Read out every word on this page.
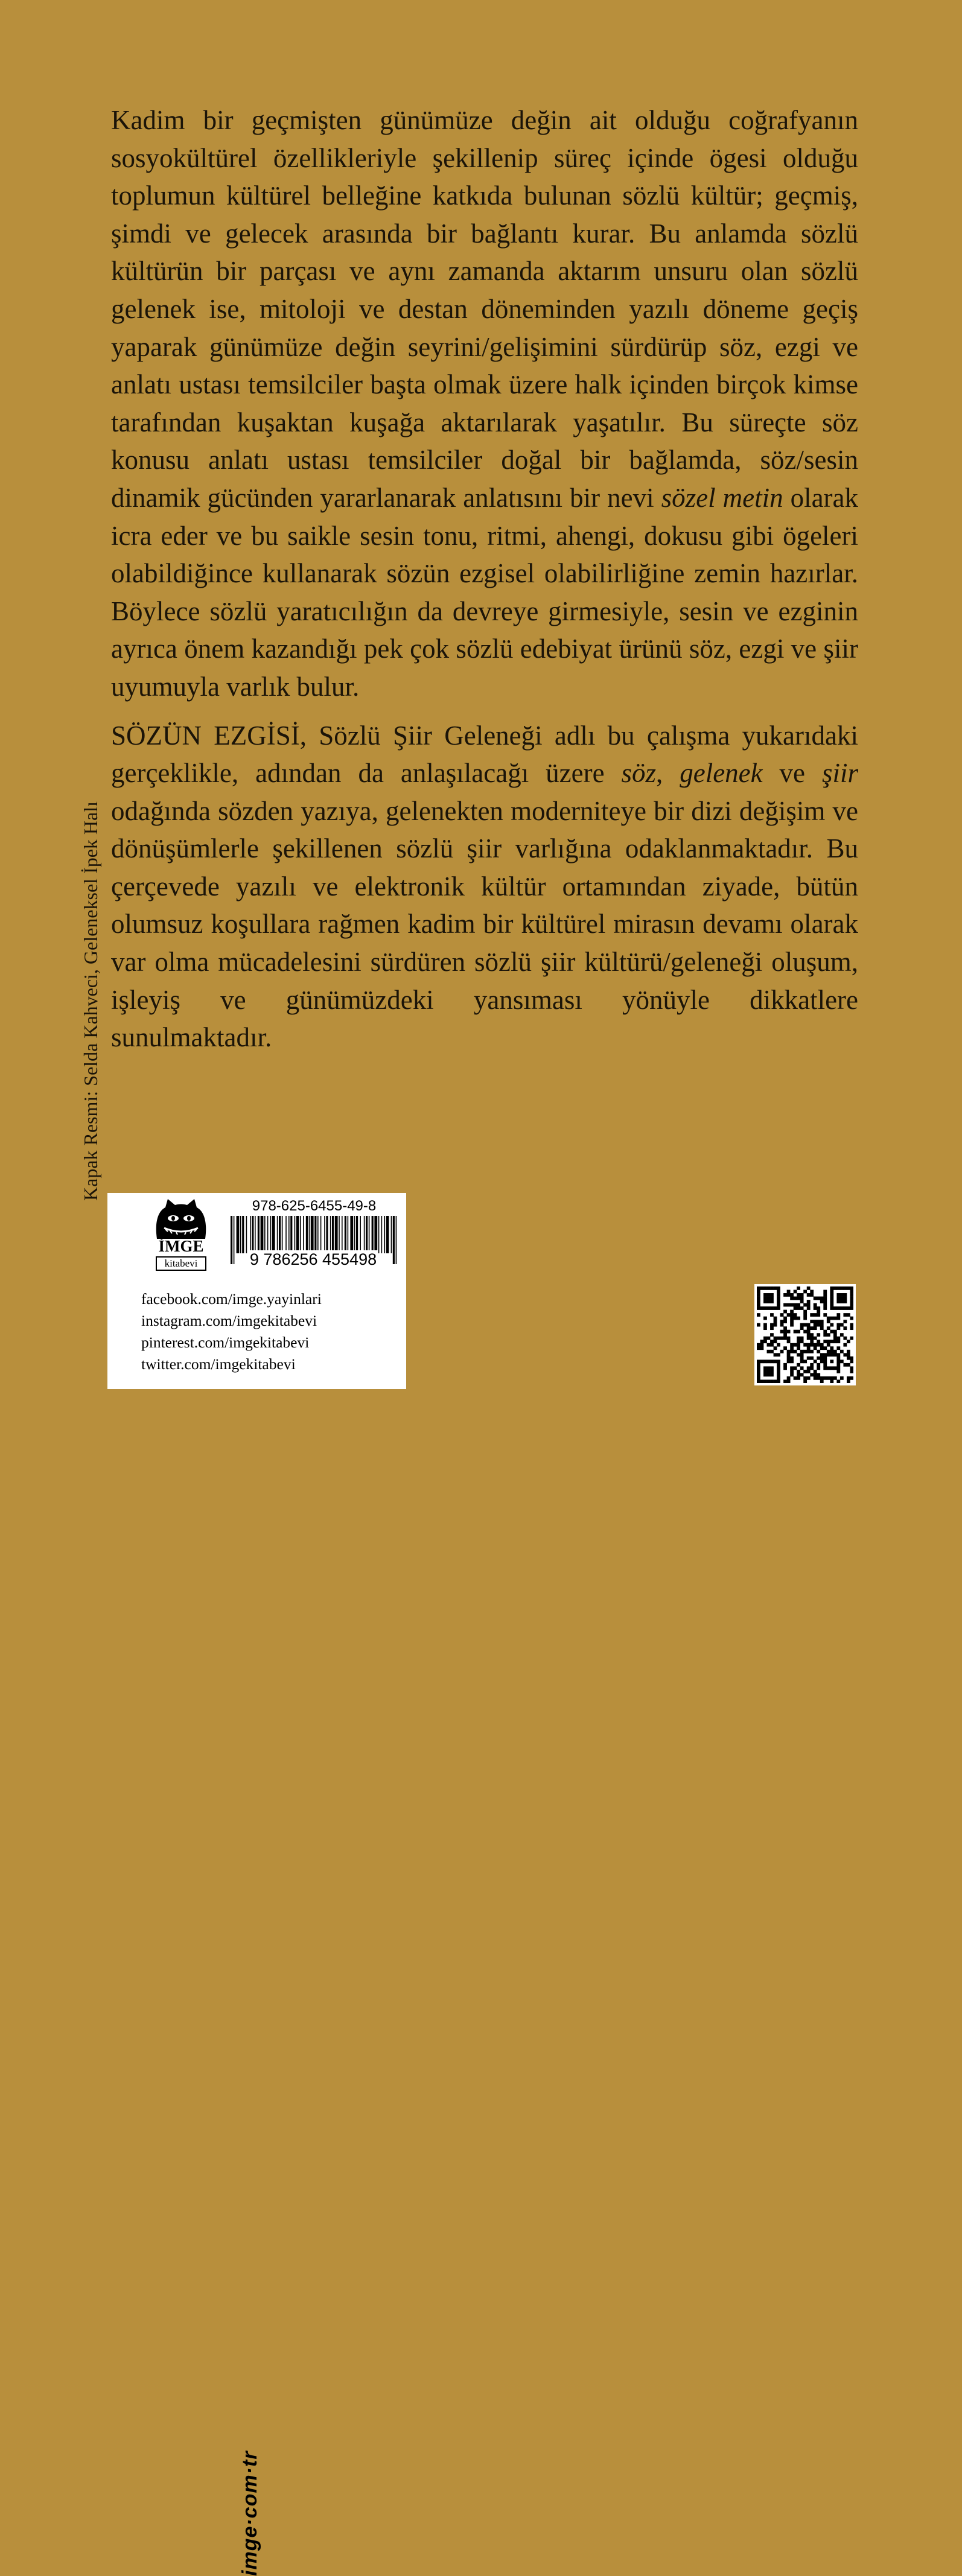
Kadim bir geçmişten günümüze değin ait olduğu coğrafyanın sosyokültürel özellikleriyle şekillenip süreç içinde ögesi olduğu toplumun kültürel belleğine katkıda bulunan sözlü kültür; geçmiş, şimdi ve gelecek arasında bir bağlantı kurar. Bu anlamda sözlü kültürün bir parçası ve aynı zamanda aktarım unsuru olan sözlü gelenek ise, mitoloji ve destan döneminden yazılı döneme geçiş yaparak günümüze değin seyrini/gelişimini sürdürüp söz, ezgi ve anlatı ustası temsilciler başta olmak üzere halk içinden birçok kimse tarafından kuşaktan kuşağa aktarılarak yaşatılır. Bu süreçte söz konusu anlatı ustası temsilciler doğal bir bağlamda, söz/sesin dinamik gücünden yararlanarak anlatısını bir nevi sözel metin olarak icra eder ve bu saikle sesin tonu, ritmi, ahengi, dokusu gibi ögeleri olabildiğince kullanarak sözün ezgisel olabilirliğine zemin hazırlar. Böylece sözlü yaratıcılığın da devreye girmesiyle, sesin ve ezginin ayrıca önem kazandığı pek çok sözlü edebiyat ürünü söz, ezgi ve şiir uyumuyla varlık bulur.

SÖZÜN EZGİSİ, Sözlü Şiir Geleneği adlı bu çalışma yukarıdaki gerçeklikle, adından da anlaşılacağı üzere söz, gelenek ve şiir odağında sözden yazıya, gelenekten moderniteye bir dizi değişim ve dönüşümlerle şekillenen sözlü şiir varlığına odaklanmaktadır. Bu çerçevede yazılı ve elektronik kültür ortamından ziyade, bütün olumsuz koşullara rağmen kadim bir kültürel mirasın devamı olarak var olma mücadelesini sürdüren sözlü şiir kültürü/geleneği oluşum, işleyiş ve günümüzdeki yansıması yönüyle dikkatlere sunulmaktadır.

Kapak Resmi: Selda Kahveci, Geleneksel İpek Halı
imge·com·tr
İMGE
kitabevi
978-625-6455-49-8
9 786256 455498
facebook.com/imge.yayinlari
instagram.com/imgekitabevi
pinterest.com/imgekitabevi
twitter.com/imgekitabevi
